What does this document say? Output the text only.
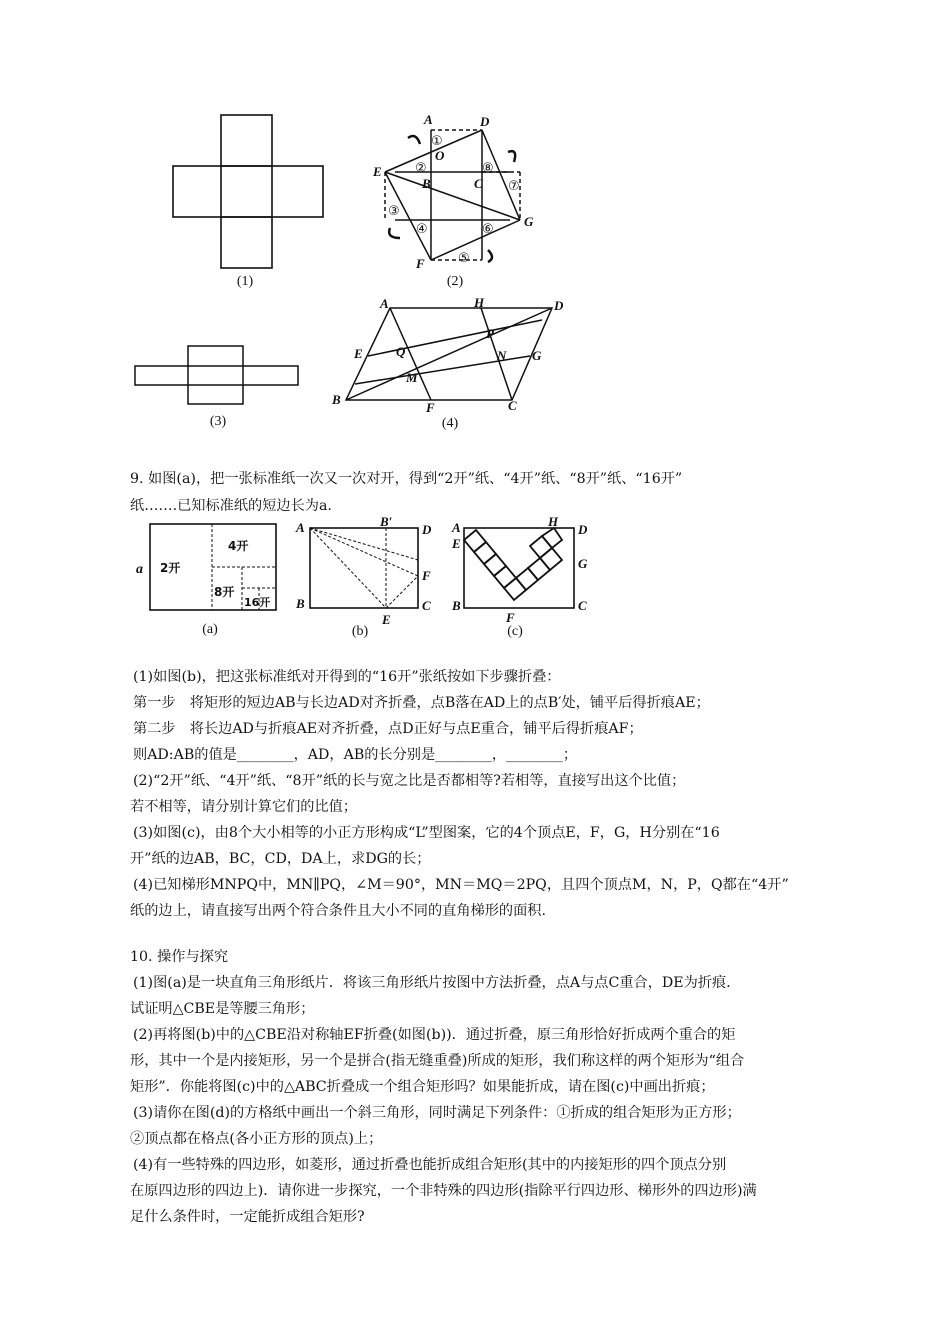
(1)
A	D
O
E
B	C
G
F
①
②
③
④
⑤
⑥
⑦
⑧
(2)
(3)
A	H	D
P
E	Q	N G
M
B
F	C
(4)
9. 如图(a)，把一张标准纸一次又一次对开，得到“2开”纸、“4开”纸、“8开”纸、“16开”
纸…….已知标准纸的短边长为a.
a 2开
4开
8开
16开
(a)
A	B′
D
F
B
E
C
(b)
A	H
D
E
G
B
F
C
(c)
(1)如图(b)，把这张标准纸对开得到的“16开”张纸按如下步骤折叠：
第一步　将矩形的短边AB与长边AD对齐折叠，点B落在AD上的点B′处，铺平后得折痕AE；
第二步　将长边AD与折痕AE对齐折叠，点D正好与点E重合，铺平后得折痕AF；
则AD:AB的值是________，AD，AB的长分别是________，________；
(2)“2开”纸、“4开”纸、“8开”纸的长与宽之比是否都相等?若相等，直接写出这个比值；
若不相等，请分别计算它们的比值；
(3)如图(c)，由8个大小相等的小正方形构成“L”型图案，它的4个顶点E，F，G，H分别在“16
开”纸的边AB，BC，CD，DA上，求DG的长；
(4)已知梯形MNPQ中，MN∥PQ，∠M＝90°，MN＝MQ＝2PQ，且四个顶点M，N，P，Q都在“4开”
纸的边上，请直接写出两个符合条件且大小不同的直角梯形的面积.
10. 操作与探究
(1)图(a)是一块直角三角形纸片．将该三角形纸片按图中方法折叠，点A与点C重合，DE为折痕．
试证明△CBE是等腰三角形；
(2)再将图(b)中的△CBE沿对称轴EF折叠(如图(b))．通过折叠，原三角形恰好折成两个重合的矩
形，其中一个是内接矩形，另一个是拼合(指无缝重叠)所成的矩形，我们称这样的两个矩形为“组合
矩形”．你能将图(c)中的△ABC折叠成一个组合矩形吗？如果能折成，请在图(c)中画出折痕；
(3)请你在图(d)的方格纸中画出一个斜三角形，同时满足下列条件：①折成的组合矩形为正方形；
②顶点都在格点(各小正方形的顶点)上；
(4)有一些特殊的四边形，如菱形，通过折叠也能折成组合矩形(其中的内接矩形的四个顶点分别
在原四边形的四边上)．请你进一步探究，一个非特殊的四边形(指除平行四边形、梯形外的四边形)满
足什么条件时，一定能折成组合矩形?
